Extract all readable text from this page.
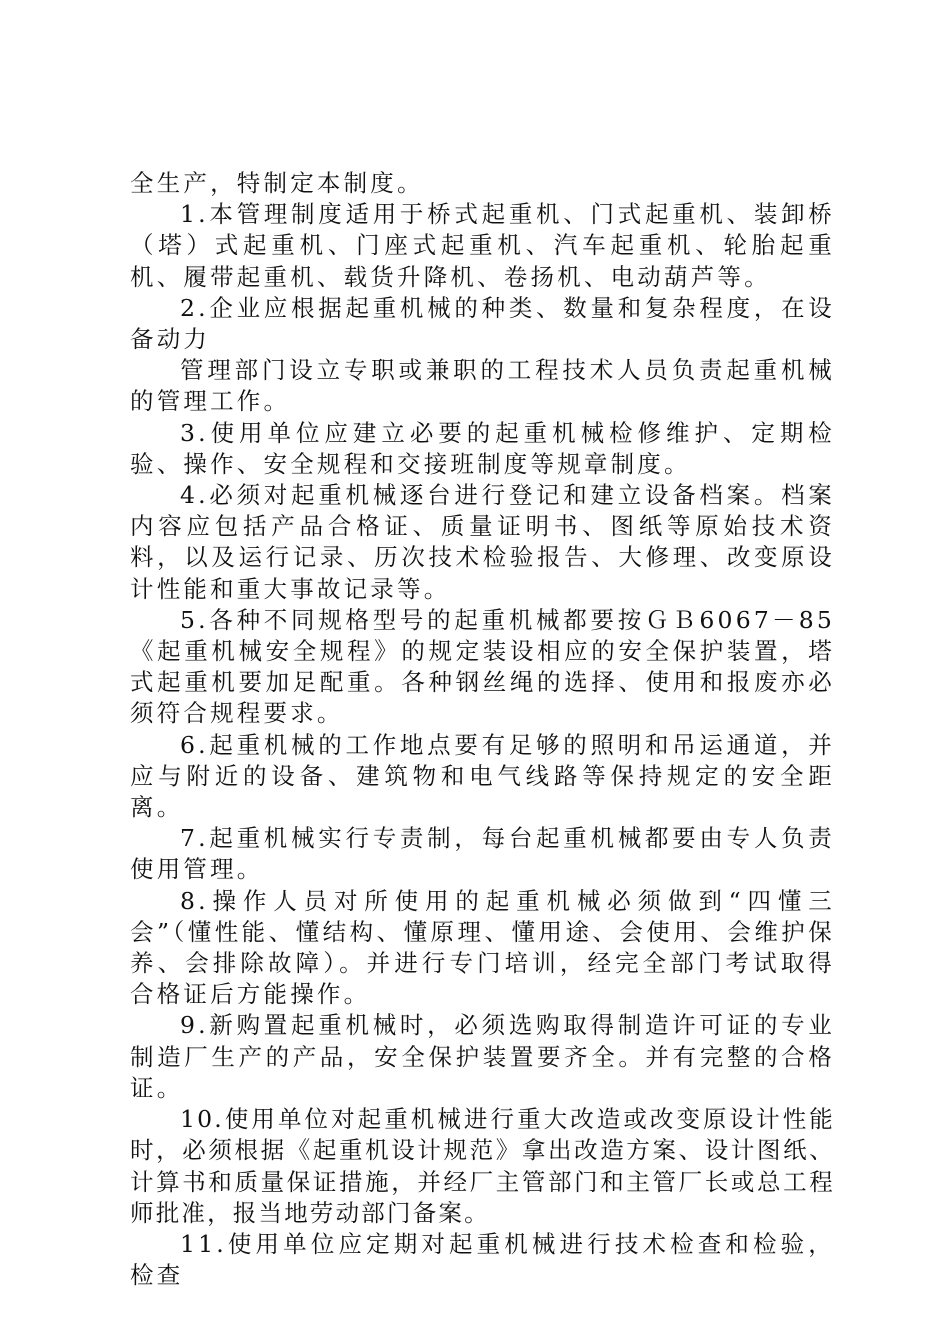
全生产，特制定本制度。

1.本管理制度适用于桥式起重机、门式起重机、装卸桥（塔）式起重机、门座式起重机、汽车起重机、轮胎起重机、履带起重机、载货升降机、卷扬机、电动葫芦等。

2.企业应根据起重机械的种类、数量和复杂程度，在设备动力

管理部门设立专职或兼职的工程技术人员负责起重机械的管理工作。

3.使用单位应建立必要的起重机械检修维护、定期检验、操作、安全规程和交接班制度等规章制度。

4.必须对起重机械逐台进行登记和建立设备档案。档案内容应包括产品合格证、质量证明书、图纸等原始技术资料，以及运行记录、历次技术检验报告、大修理、改变原设计性能和重大事故记录等。

5.各种不同规格型号的起重机械都要按ＧＢ6067－85《起重机械安全规程》的规定装设相应的安全保护装置，塔式起重机要加足配重。各种钢丝绳的选择、使用和报废亦必须符合规程要求。

6.起重机械的工作地点要有足够的照明和吊运通道，并应与附近的设备、建筑物和电气线路等保持规定的安全距离。

7.起重机械实行专责制，每台起重机械都要由专人负责使用管理。

8.操作人员对所使用的起重机械必须做到“四懂三会”（懂性能、懂结构、懂原理、懂用途、会使用、会维护保养、会排除故障）。并进行专门培训，经完全部门考试取得合格证后方能操作。

9.新购置起重机械时，必须选购取得制造许可证的专业制造厂生产的产品，安全保护装置要齐全。并有完整的合格证。

10.使用单位对起重机械进行重大改造或改变原设计性能时，必须根据《起重机设计规范》拿出改造方案、设计图纸、计算书和质量保证措施，并经厂主管部门和主管厂长或总工程师批准，报当地劳动部门备案。

11.使用单位应定期对起重机械进行技术检查和检验，检查
